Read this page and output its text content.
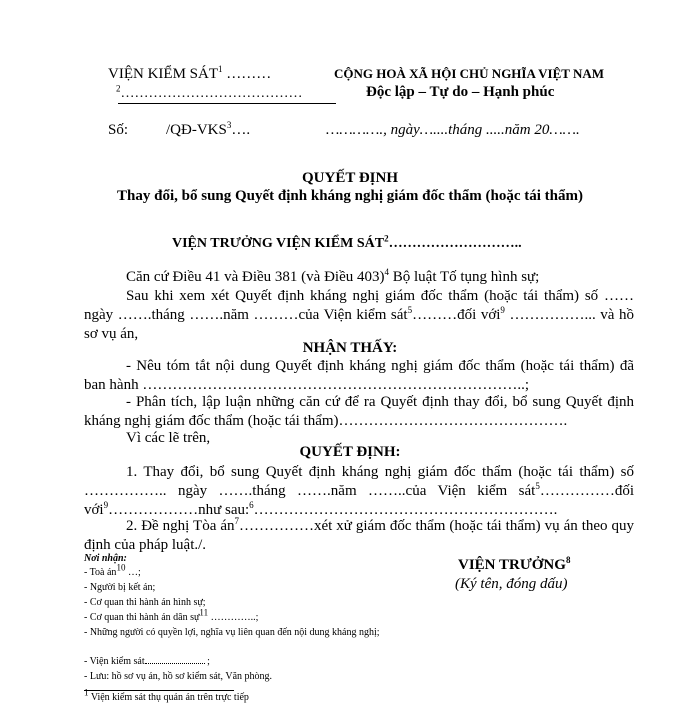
VIỆN KIỂM SÁT$^1$ ………
$^2$…………………………………
CỘNG HOÀ XÃ HỘI CHỦ NGHĨA VIỆT NAM
Độc lập – Tự do – Hạnh phúc
Số:	/QĐ-VKS$^3$….	…………., ngày…....tháng .....năm 20…….
QUYẾT ĐỊNH
Thay đổi, bổ sung Quyết định kháng nghị giám đốc thẩm (hoặc tái thẩm)
VIỆN TRƯỞNG VIỆN KIỂM SÁT$^2$………………………..
Căn cứ Điều 41 và Điều 381 (và Điều 403)$^4$ Bộ luật Tố tụng hình sự;
Sau khi xem xét Quyết định kháng nghị giám đốc thẩm (hoặc tái thẩm) số …… ngày …….tháng …….năm ………của Viện kiểm sát$^5$………đối với$^9$ ……………... và hồ sơ vụ án,
NHẬN THẤY:
- Nêu tóm tắt nội dung Quyết định kháng nghị giám đốc thẩm (hoặc tái thẩm) đã ban hành …………………………………………………………………..;
- Phân tích, lập luận những căn cứ để ra Quyết định thay đổi, bổ sung Quyết định kháng nghị giám đốc thẩm (hoặc tái thẩm)……………………………………….
Vì các lẽ trên,
QUYẾT ĐỊNH:
1. Thay đổi, bổ sung Quyết định kháng nghị giám đốc thẩm (hoặc tái thẩm) số …………….. ngày …….tháng …….năm ……..của Viện kiểm sát$^5$……………đối với$^9$………………như sau:$^6$…………………………………………………….
2. Đề nghị Tòa $án^7\dots\dots\dots\dots\dots xét$ xử giám đốc thẩm (hoặc tái thẩm) vụ án theo quy định của pháp luật./.
Nơi nhận:
- Toà $án^{10}$ …;
- Người bị kết án;
- Cơ quan thi hành án hình sự;
- Cơ quan thi hành án dân sự$^{11}$ …………..;
- Những người có quyền lợi, nghĩa vụ liên quan đến nội dung kháng nghị;
- Viện kiểm sát	;
- Lưu: hồ sơ vụ án, hồ sơ kiểm sát, Văn phòng.
VIỆN TRƯỞNG$^8$
(Ký tên, đóng dấu)
$^1$ Viện kiểm sát thụ quản án trên trực tiếp
